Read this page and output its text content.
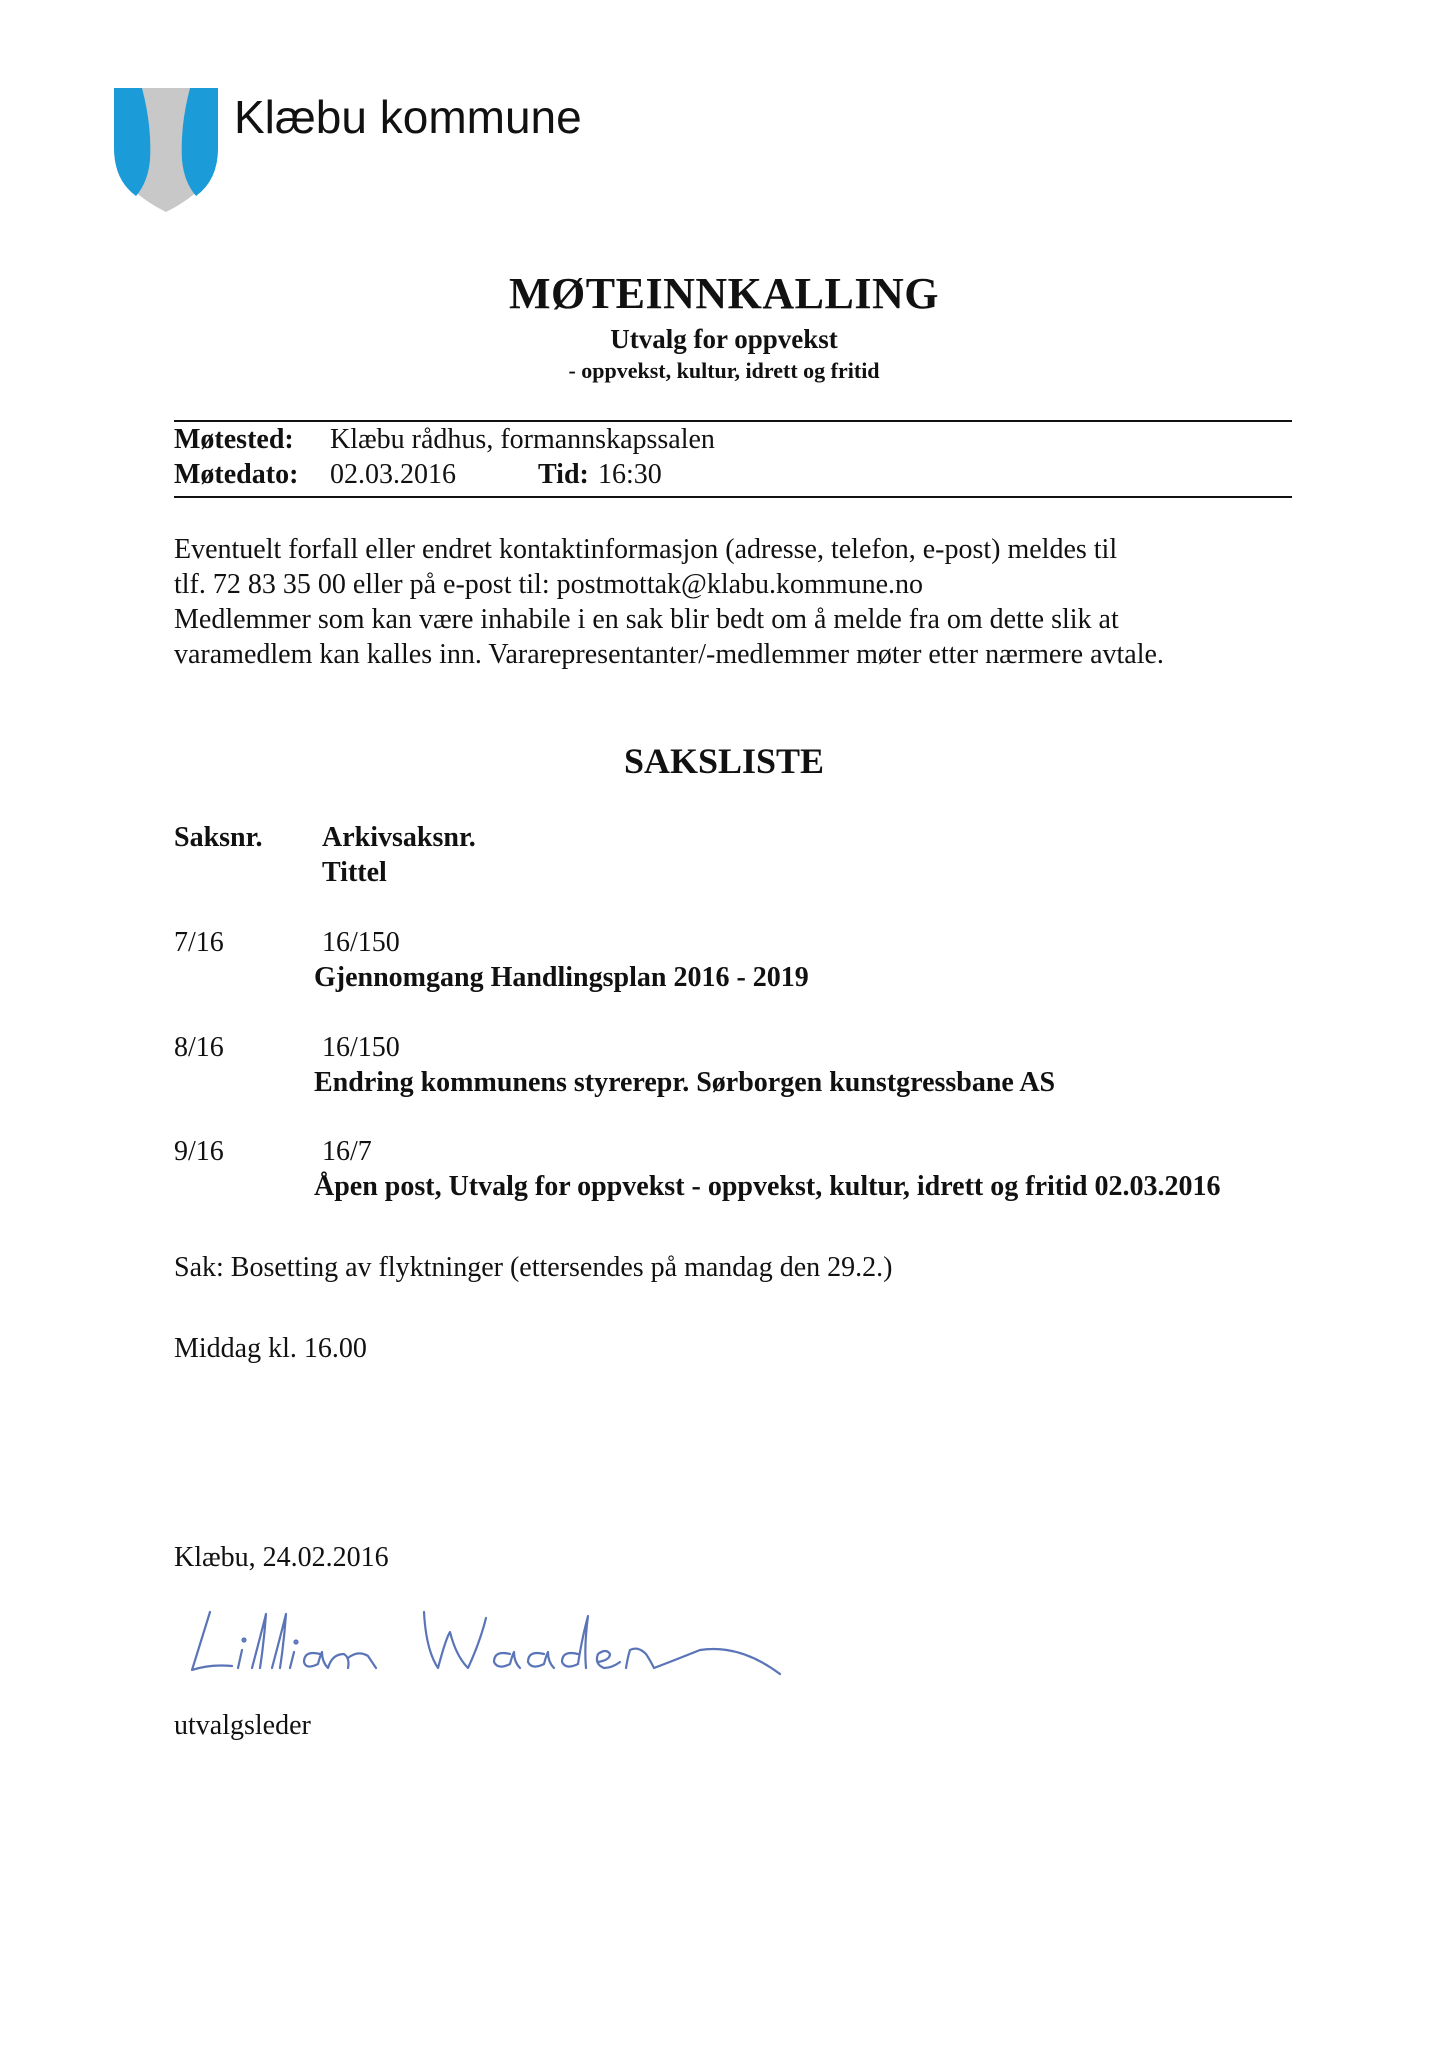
Klæbu kommune
MØTEINNKALLING
Utvalg for oppvekst
- oppvekst, kultur, idrett og fritid
Møtested: Klæbu rådhus, formannskapssalen
Møtedato: 02.03.2016	Tid: 16:30
Eventuelt forfall eller endret kontaktinformasjon (adresse, telefon, e-post) meldes til
tlf. 72 83 35 00 eller på e-post til: postmottak@klabu.kommune.no
Medlemmer som kan være inhabile i en sak blir bedt om å melde fra om dette slik at
varamedlem kan kalles inn. Vararepresentanter/-medlemmer møter etter nærmere avtale.
SAKSLISTE
Saksnr. Arkivsaksnr.
Tittel
7/16	16/150
Gjennomgang Handlingsplan 2016 - 2019
8/16	16/150
Endring kommunens styrerepr. Sørborgen kunstgressbane AS
9/16	16/7
Åpen post, Utvalg for oppvekst - oppvekst, kultur, idrett og fritid 02.03.2016
Sak: Bosetting av flyktninger (ettersendes på mandag den 29.2.)
Middag kl. 16.00
Klæbu, 24.02.2016
utvalgsleder
